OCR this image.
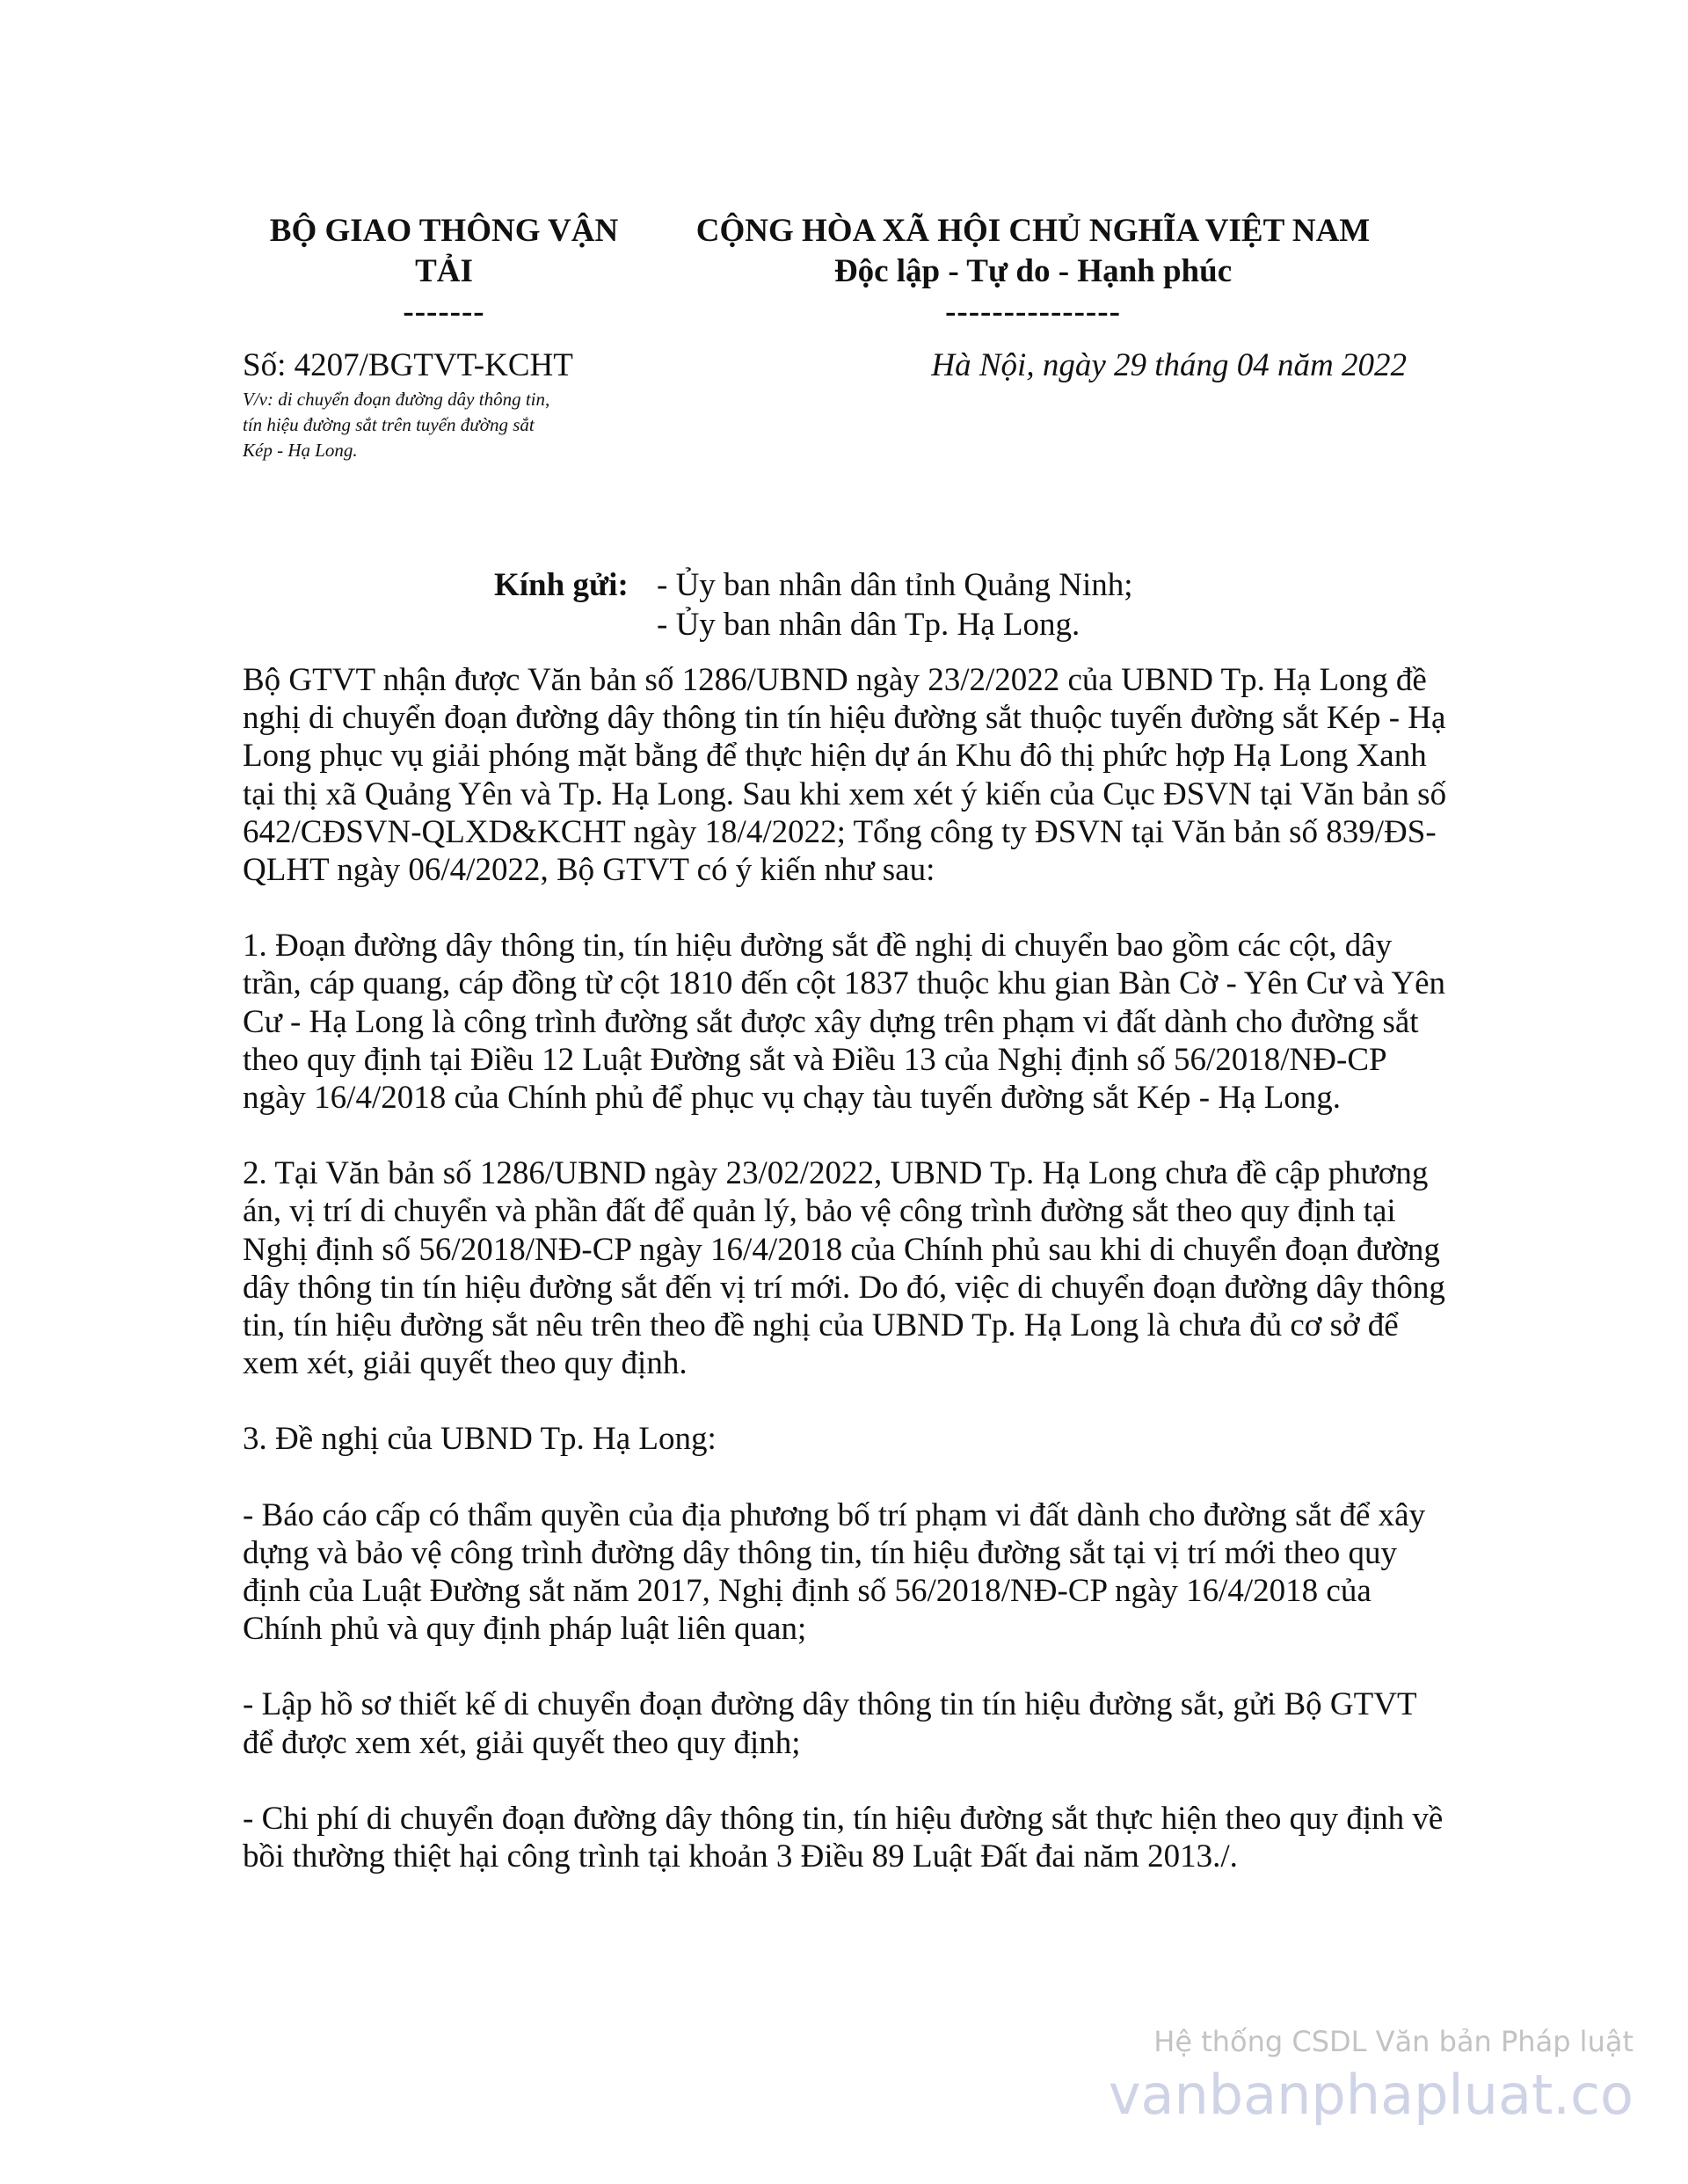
BỘ GIAO THÔNG VẬN
TẢI
-------
CỘNG HÒA XÃ HỘI CHỦ NGHĨA VIỆT NAM
Độc lập - Tự do - Hạnh phúc
---------------
Số: 4207/BGTVT-KCHT
V/v: di chuyển đoạn đường dây thông tin,
tín hiệu đường sắt trên tuyến đường sắt
Kép - Hạ Long.
Hà Nội, ngày 29 tháng 04 năm 2022
Kính gửi: - Ủy ban nhân dân tỉnh Quảng Ninh;
- Ủy ban nhân dân Tp. Hạ Long.

Bộ GTVT nhận được Văn bản số 1286/UBND ngày 23/2/2022 của UBND Tp. Hạ Long đề nghị di chuyển đoạn đường dây thông tin tín hiệu đường sắt thuộc tuyến đường sắt Kép - Hạ Long phục vụ giải phóng mặt bằng để thực hiện dự án Khu đô thị phức hợp Hạ Long Xanh tại thị xã Quảng Yên và Tp. Hạ Long. Sau khi xem xét ý kiến của Cục ĐSVN tại Văn bản số 642/CĐSVN-QLXD&KCHT ngày 18/4/2022; Tổng công ty ĐSVN tại Văn bản số 839/ĐS-QLHT ngày 06/4/2022, Bộ GTVT có ý kiến như sau:

1. Đoạn đường dây thông tin, tín hiệu đường sắt đề nghị di chuyển bao gồm các cột, dây trần, cáp quang, cáp đồng từ cột 1810 đến cột 1837 thuộc khu gian Bàn Cờ - Yên Cư và Yên Cư - Hạ Long là công trình đường sắt được xây dựng trên phạm vi đất dành cho đường sắt theo quy định tại Điều 12 Luật Đường sắt và Điều 13 của Nghị định số 56/2018/NĐ-CP ngày 16/4/2018 của Chính phủ để phục vụ chạy tàu tuyến đường sắt Kép - Hạ Long.

2. Tại Văn bản số 1286/UBND ngày 23/02/2022, UBND Tp. Hạ Long chưa đề cập phương án, vị trí di chuyển và phần đất để quản lý, bảo vệ công trình đường sắt theo quy định tại Nghị định số 56/2018/NĐ-CP ngày 16/4/2018 của Chính phủ sau khi di chuyển đoạn đường dây thông tin tín hiệu đường sắt đến vị trí mới. Do đó, việc di chuyển đoạn đường dây thông tin, tín hiệu đường sắt nêu trên theo đề nghị của UBND Tp. Hạ Long là chưa đủ cơ sở để xem xét, giải quyết theo quy định.

3. Đề nghị của UBND Tp. Hạ Long:

- Báo cáo cấp có thẩm quyền của địa phương bố trí phạm vi đất dành cho đường sắt để xây dựng và bảo vệ công trình đường dây thông tin, tín hiệu đường sắt tại vị trí mới theo quy định của Luật Đường sắt năm 2017, Nghị định số 56/2018/NĐ-CP ngày 16/4/2018 của Chính phủ và quy định pháp luật liên quan;

- Lập hồ sơ thiết kế di chuyển đoạn đường dây thông tin tín hiệu đường sắt, gửi Bộ GTVT để được xem xét, giải quyết theo quy định;

- Chi phí di chuyển đoạn đường dây thông tin, tín hiệu đường sắt thực hiện theo quy định về bồi thường thiệt hại công trình tại khoản 3 Điều 89 Luật Đất đai năm 2013./.

Hệ thống CSDL Văn bản Pháp luật
vanbanphapluat.co
